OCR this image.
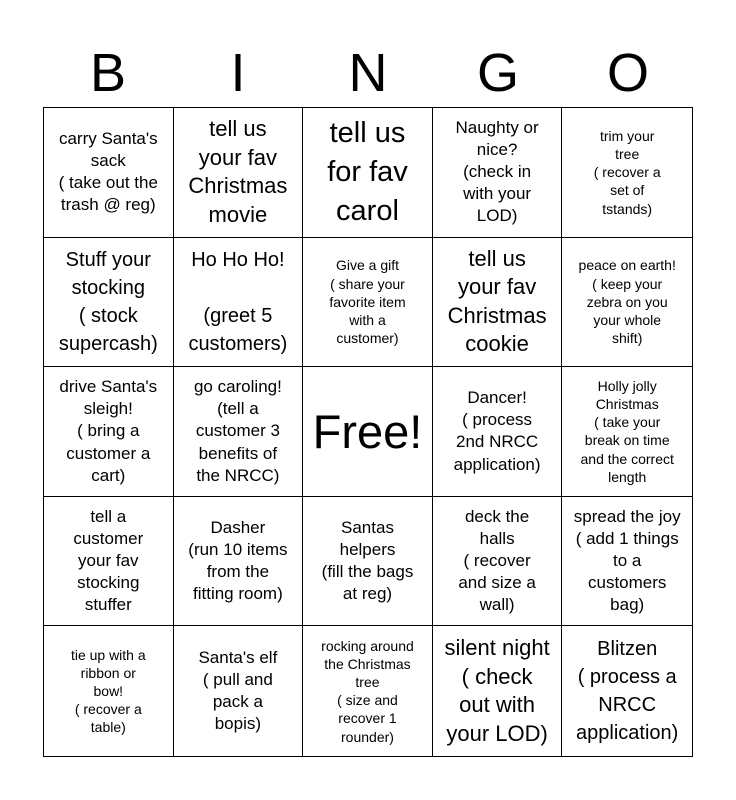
B	I	N	G	O
carry Santa's
sack
( take out the
trash @ reg)
tell us
your fav
Christmas
movie
tell us
for fav
carol
Naughty or
nice?
(check in
with your
LOD)
trim your
tree
( recover a
set of
tstands)
Stuff your
stocking
( stock
supercash)
Ho Ho Ho!

(greet 5
customers)
Give a gift
( share your
favorite item
with a
customer)
tell us
your fav
Christmas
cookie
peace on earth!
( keep your
zebra on you
your whole
shift)
drive Santa's
sleigh!
( bring a
customer a
cart)
go caroling!
(tell a
customer 3
benefits of
the NRCC)
Free!
Dancer!
( process
2nd NRCC
application)
Holly jolly
Christmas
( take your
break on time
and the correct
length
tell a
customer
your fav
stocking
stuffer
Dasher
(run 10 items
from the
fitting room)
Santas
helpers
(fill the bags
at reg)
deck the
halls
( recover
and size a
wall)
spread the joy
( add 1 things
to a
customers
bag)
tie up with a
ribbon or
bow!
( recover a
table)
Santa's elf
( pull and
pack a
bopis)
rocking around
the Christmas
tree
( size and
recover 1
rounder)
silent night
( check
out with
your LOD)
Blitzen
( process a
NRCC
application)
